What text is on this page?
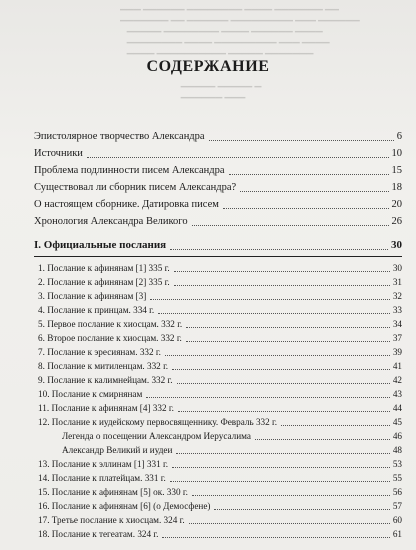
▁▁▁ ▁▁▁▁▁▁ ▁▁▁▁▁▁▁▁ ▁▁▁▁ ▁▁▁▁▁▁▁ ▁▁
▁▁▁▁▁▁▁ ▁▁ ▁▁▁▁▁▁ ▁▁▁▁▁▁▁▁▁ ▁▁▁ ▁▁▁▁▁▁
▁▁▁▁▁ ▁▁▁▁▁▁▁▁ ▁▁▁▁ ▁▁▁▁▁▁ ▁▁▁▁
▁▁▁▁▁▁▁▁ ▁▁▁▁ ▁▁▁▁▁▁▁▁▁ ▁▁▁ ▁▁▁▁
▁▁▁▁ ▁▁▁▁▁▁▁▁▁▁ ▁▁▁▁▁ ▁▁▁▁▁▁▁

▁▁▁▁▁ ▁▁▁▁▁ ▁
▁▁▁▁▁▁ ▁▁▁
СОДЕРЖАНИЕ
Эпистолярное творчество Александра	6
Источники	10
Проблема подлинности писем Александра	15
Существовал ли сборник писем Александра?	18
О настоящем сборнике. Датировка писем	20
Хронология Александра Великого	26
I. Официальные послания	30
1. Послание к афинянам [1] 335 г.	30
2. Послание к афинянам [2] 335 г.	31
3. Послание к афинянам [3]	32
4. Послание к принцам. 334 г.	33
5. Первое послание к хиосцам. 332 г.	34
6. Второе послание к хиосцам. 332 г.	37
7. Послание к эресиянам. 332 г.	39
8. Послание к митиленцам. 332 г.	41
9. Послание к калимнейцам. 332 г.	42
10. Послание к смирнянам	43
11. Послание к афинянам [4] 332 г.	44
12. Послание к иудейскому первосвященнику. Февраль 332 г.	45
Легенда о посещении Александром Иерусалима	46
Александр Великий и иудеи	48
13. Послание к эллинам [1] 331 г.	53
14. Послание к платейцам. 331 г.	55
15. Послание к афинянам [5] ок. 330 г.	56
16. Послание к афинянам [6] (о Демосфене)	57
17. Третье послание к хиосцам. 324 г.	60
18. Послание к тегеатам. 324 г.	61
